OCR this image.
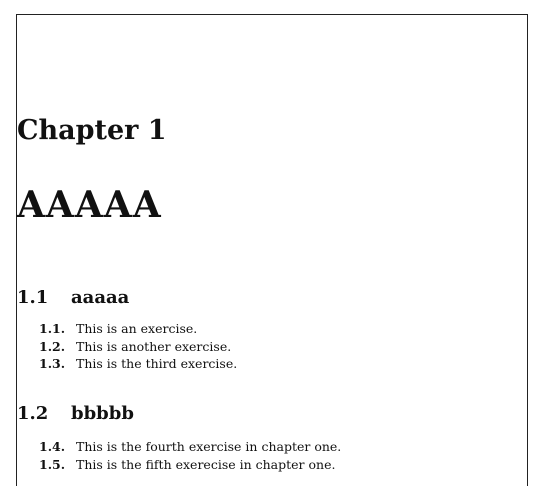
Chapter 1
AAAAA
1.1 aaaaa
1.1. This is an exercise.
1.2. This is another exercise.
1.3. This is the third exercise.
1.2 bbbbb
1.4. This is the fourth exercise in chapter one.
1.5. This is the fifth exerecise in chapter one.
